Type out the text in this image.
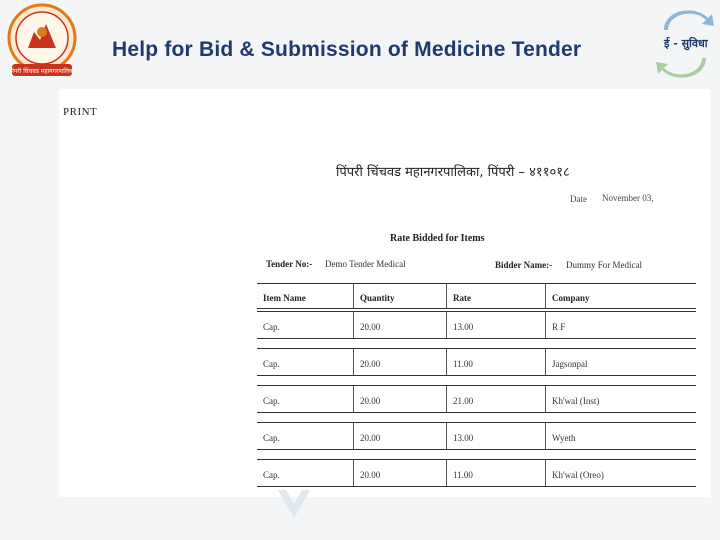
पिंपरी चिंचवड महानगरपालिका
Help for Bid & Submission of Medicine Tender	ई - सुविधा
PRINT
पिंपरी चिंचवड महानगरपालिका, पिंपरी – ४११०१८
Date November 03,
Rate Bidded for Items
Tender No:- Demo Tender Medical	Bidder Name:- Dummy For Medical
Item Name	Quantity	Rate	Company
Cap.	20.00	13.00	R F
Cap.	20.00	11.00	Jagsonpal
Cap.	20.00	21.00	Kh'wal (Inst)
Cap.	20.00	13.00	Wyeth
Cap.	20.00	11.00	Kh'wal (Oreo)
